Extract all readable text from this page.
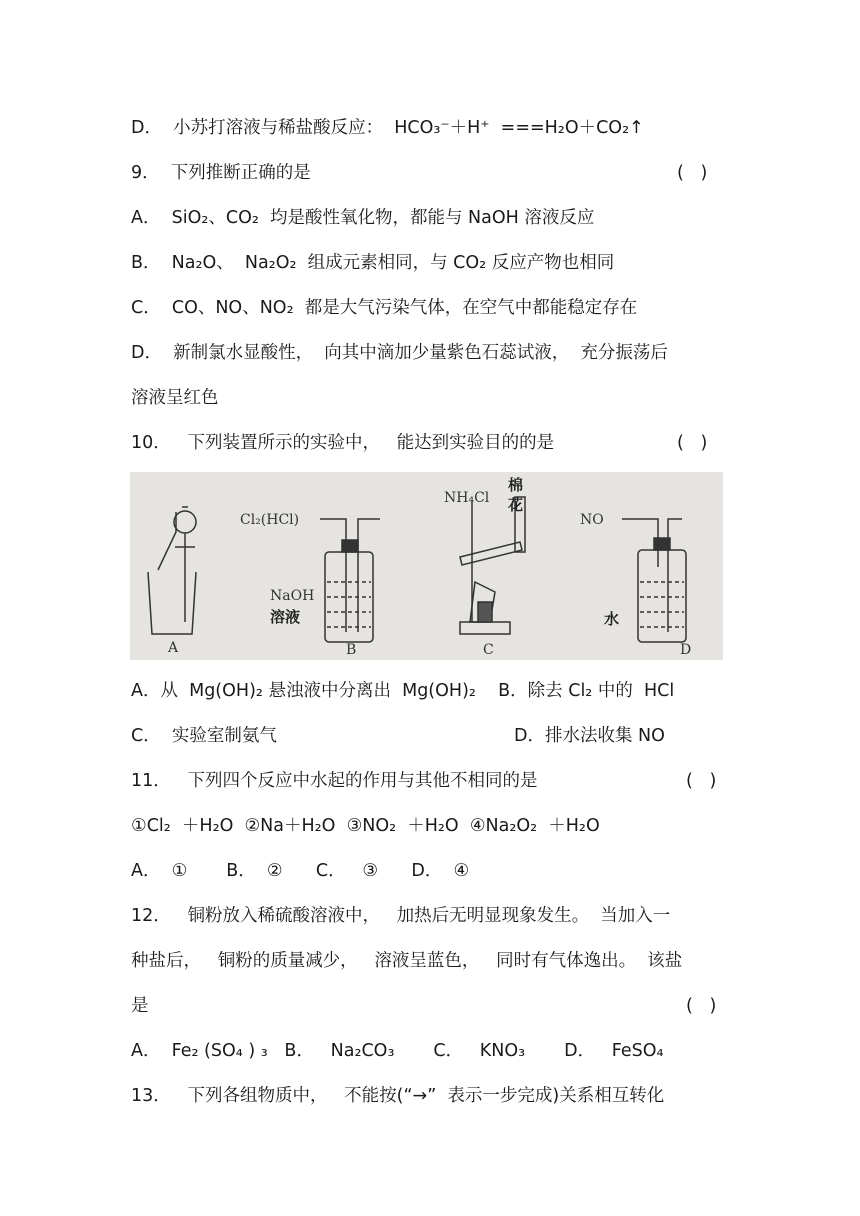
D．  小苏打溶液与稀盐酸反应：  HCO₃⁻＋H⁺  ===H₂O＋CO₂↑
9．  下列推断正确的是	(   )
A．  SiO₂、CO₂  均是酸性氧化物，都能与 NaOH 溶液反应
B．  Na₂O、  Na₂O₂  组成元素相同，与 CO₂ 反应产物也相同
C．  CO、NO、NO₂  都是大气污染气体，在空气中都能稳定存在
D．  新制氯水显酸性，  向其中滴加少量紫色石蕊试液，  充分振荡后
溶液呈红色
10．   下列装置所示的实验中，   能达到实验目的的是	(   )
Cl₂(HCl)
NaOH
溶液
NH₄Cl
棉
花
NO
水
A	B	C	D
A．从  Mg(OH)₂ 悬浊液中分离出  Mg(OH)₂    B．除去 Cl₂ 中的  HCl
C．  实验室制氨气	D．排水法收集 NO
11．   下列四个反应中水起的作用与其他不相同的是	(   )
①Cl₂  ＋H₂O  ②Na＋H₂O  ③NO₂  ＋H₂O  ④Na₂O₂  ＋H₂O
A．  ①       B．  ②      C．   ③      D．  ④
12．   铜粉放入稀硫酸溶液中，   加热后无明显现象发生。  当加入一
种盐后，   铜粉的质量减少，   溶液呈蓝色，   同时有气体逸出。  该盐
是	(   )
A．  Fe₂ (SO₄ ) ₃   B．   Na₂CO₃       C．   KNO₃       D．   FeSO₄
13．   下列各组物质中，   不能按(“→”  表示一步完成)关系相互转化
